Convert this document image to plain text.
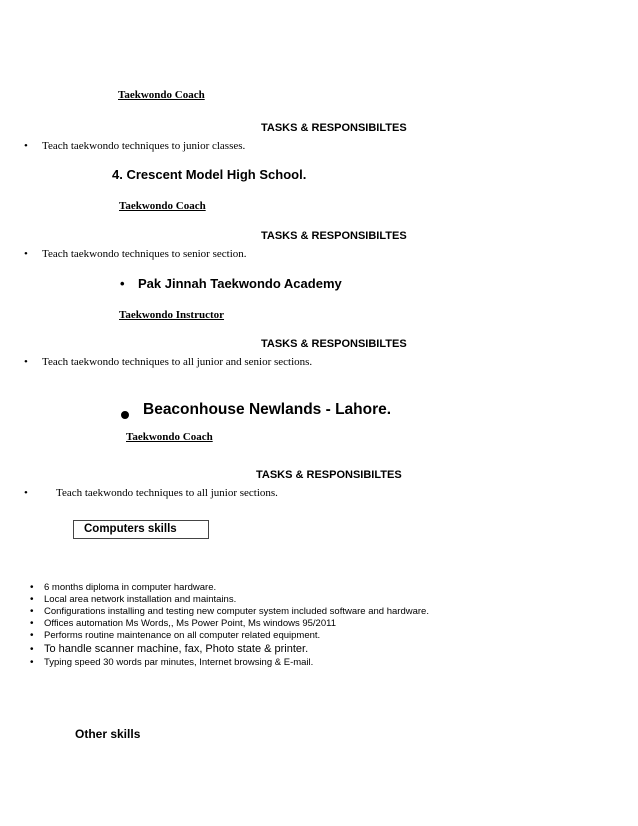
Taekwondo Coach
TASKS & RESPONSIBILTES
• Teach taekwondo techniques to junior classes.
4. Crescent Model High School.
Taekwondo Coach
TASKS & RESPONSIBILTES
• Teach taekwondo techniques to senior section.
• Pak Jinnah Taekwondo Academy
Taekwondo Instructor
TASKS & RESPONSIBILTES
• Teach taekwondo techniques to all junior and senior sections.
Beaconhouse Newlands - Lahore.
Taekwondo Coach
TASKS & RESPONSIBILTES
•	Teach taekwondo techniques to all junior sections.
Computers skills
• 6 months diploma in computer hardware.
• Local area network installation and maintains.
• Configurations installing and testing new computer system included software and hardware.
• Offices automation Ms Words,, Ms Power Point, Ms windows 95/2011
• Performs routine maintenance on all computer related equipment.
• To handle scanner machine, fax, Photo state & printer.
• Typing speed 30 words par minutes, Internet browsing & E-mail.
Other skills
